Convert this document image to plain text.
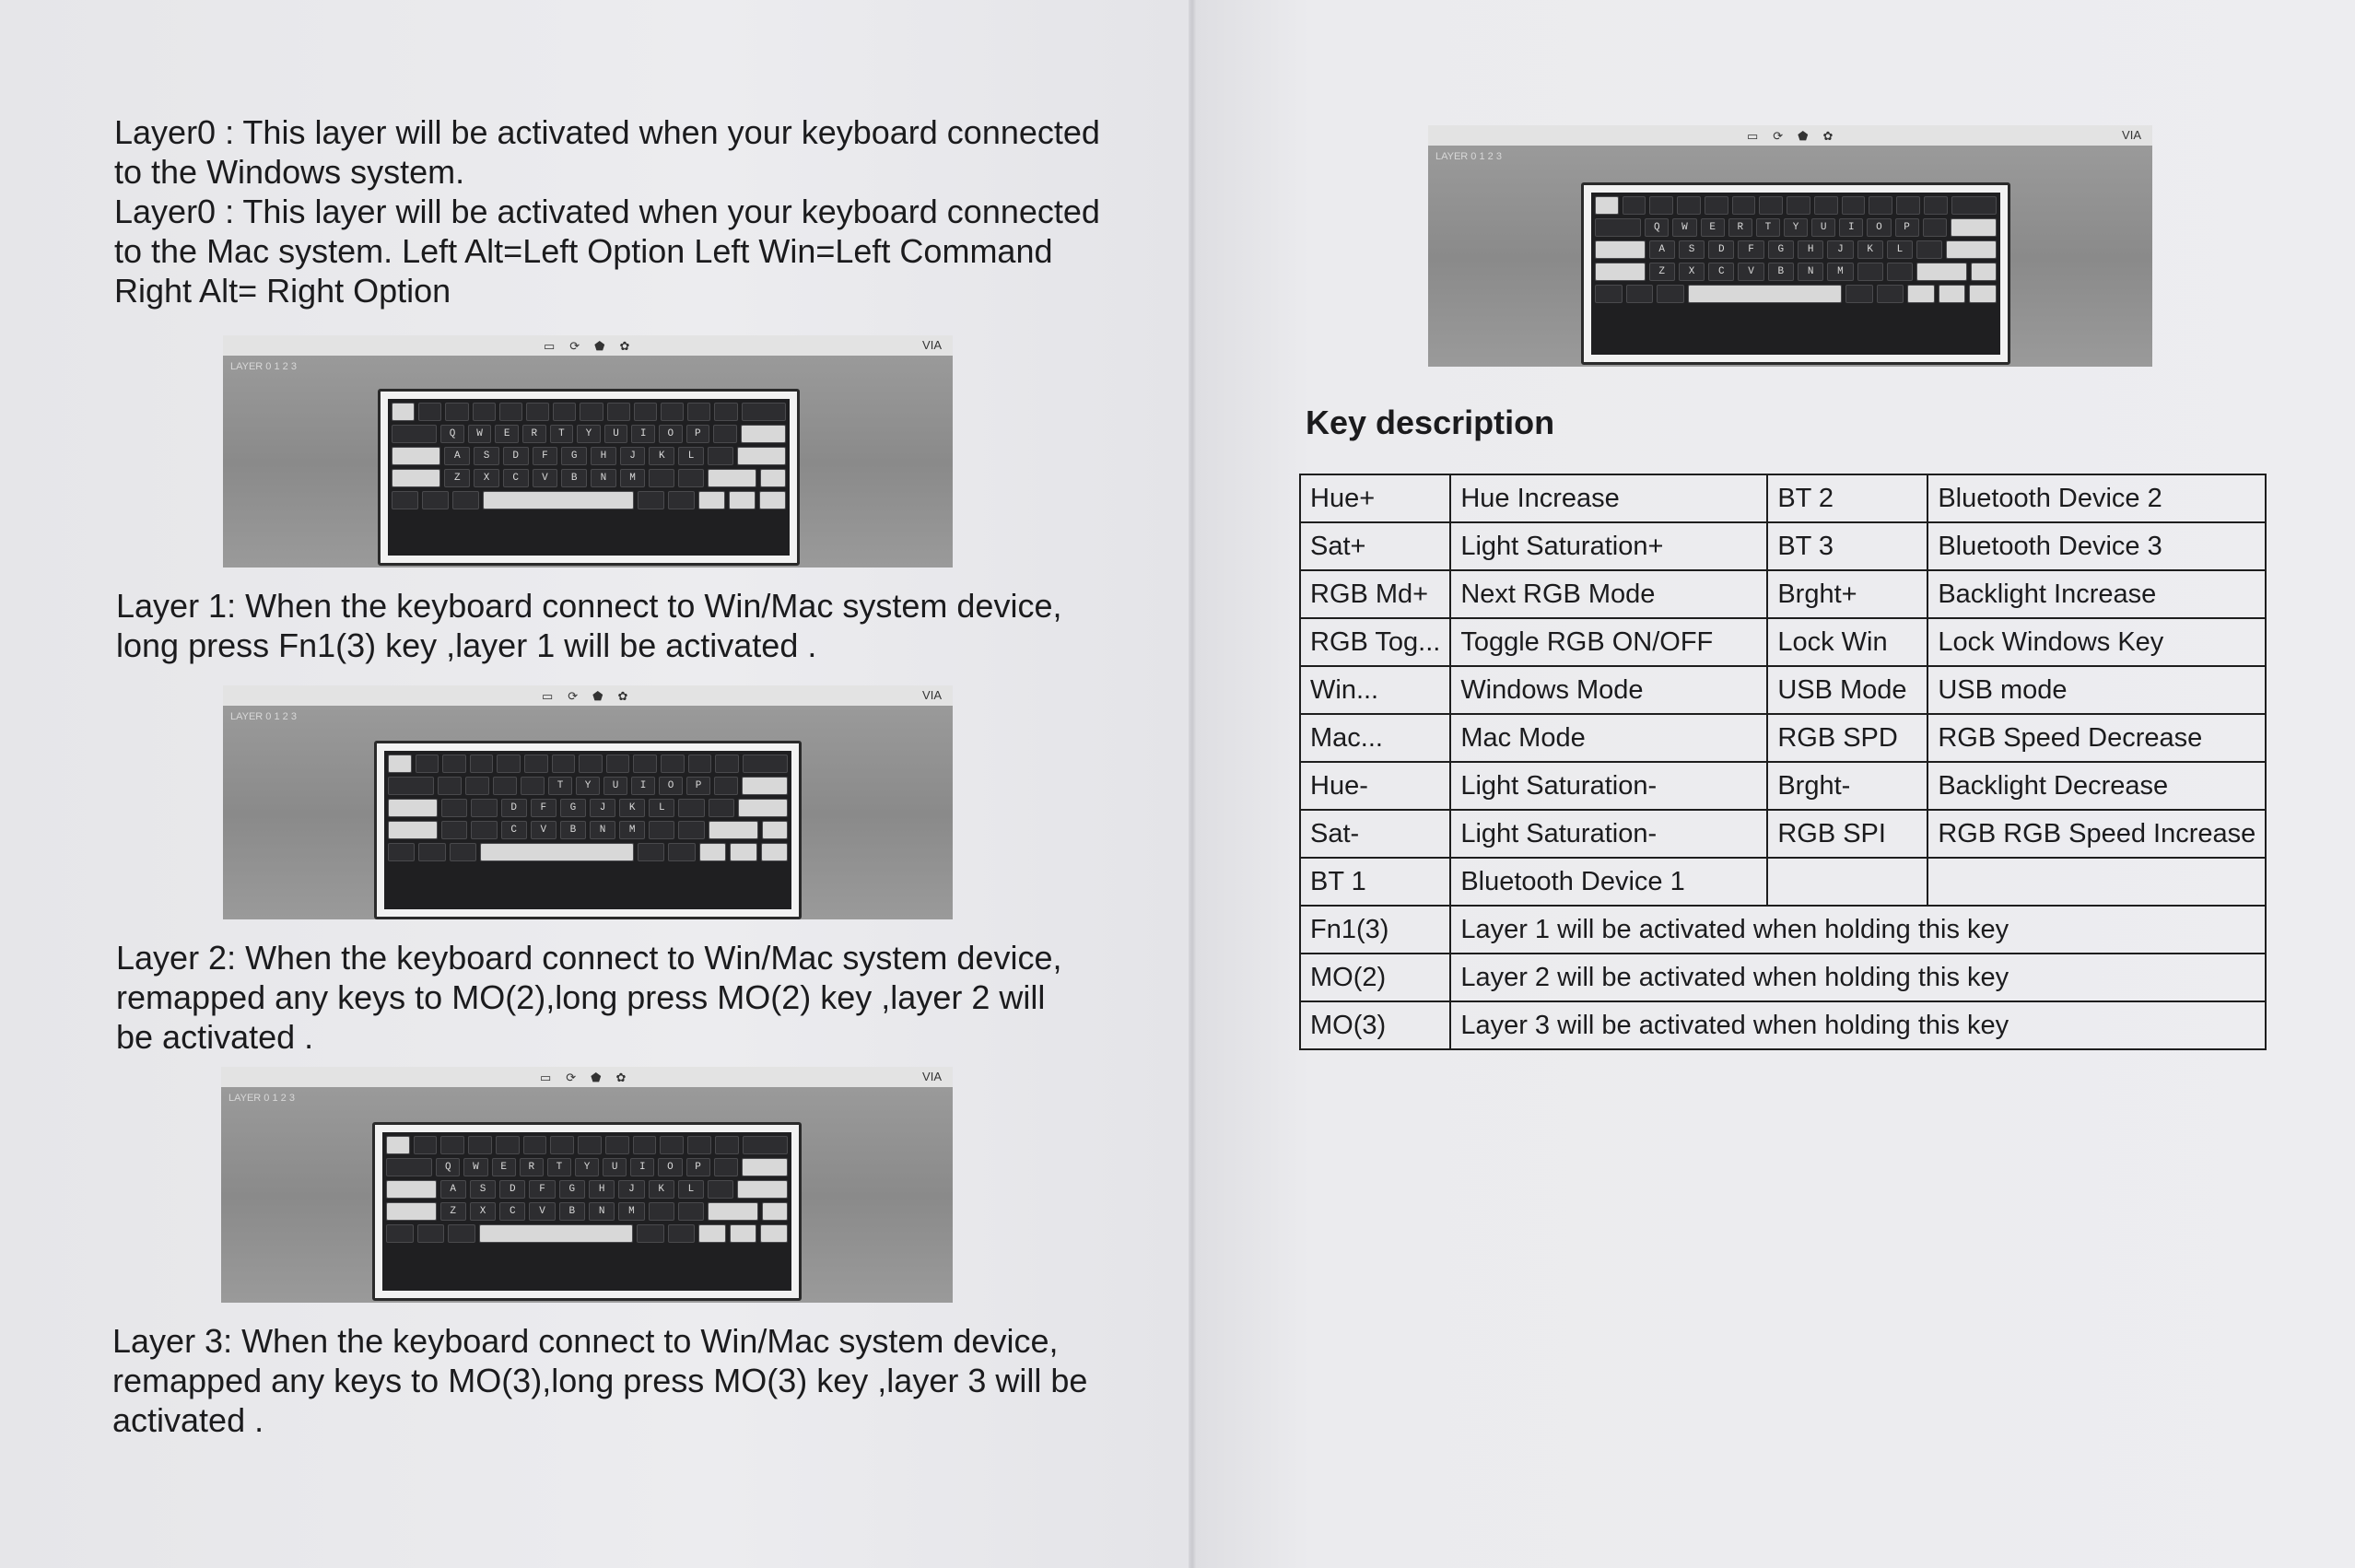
Layer0 : This layer will be activated when your keyboard connected
to the Windows system.
Layer0 : This layer will be activated when your keyboard connected
to the Mac system. Left Alt=Left Option Left Win=Left Command
Right Alt= Right Option

▭⟳⬟✿	VIA
LAYER 0 1 2 3
Q	W	E	R	T	Y	U	I	O	P
A	S	D	F	G	H	J	K	L
Z	X	C	V	B	N	M

Layer 1: When the keyboard connect to Win/Mac system device,
long press Fn1(3) key ,layer 1 will be activated .

▭⟳⬟✿	VIA
LAYER 0 1 2 3
T	Y	U	I	O	P
D	F	G	J	K	L
C	V	B	N	M

Layer 2: When the keyboard connect to Win/Mac system device,
remapped any keys to MO(2),long press MO(2) key ,layer 2 will
be activated .

▭⟳⬟✿	VIA
LAYER 0 1 2 3
Q	W	E	R	T	Y	U	I	O	P
A	S	D	F	G	H	J	K	L
Z	X	C	V	B	N	M

Layer 3: When the keyboard connect to Win/Mac system device,
remapped any keys to MO(3),long press MO(3) key ,layer 3 will be
activated .

▭⟳⬟✿	VIA
LAYER 0 1 2 3
Q	W	E	R	T	Y	U	I	O	P
A	S	D	F	G	H	J	K	L
Z	X	C	V	B	N	M
Key description
Hue+	Hue Increase	BT 2	Bluetooth Device 2
Sat+	Light Saturation+	BT 3	Bluetooth Device 3
RGB Md+	Next RGB Mode	Brght+	Backlight Increase
RGB Tog...	Toggle RGB ON/OFF	Lock Win	Lock Windows Key
Win...	Windows Mode	USB Mode	USB mode
Mac...	Mac Mode	RGB SPD	RGB Speed Decrease
Hue-	Light Saturation-	Brght-	Backlight Decrease
Sat-	Light Saturation-	RGB SPI	RGB RGB Speed Increase
BT 1	Bluetooth Device 1		
Fn1(3)	Layer 1 will be activated when holding this key		
MO(2)	Layer 2 will be activated when holding this key		
MO(3)	Layer 3 will be activated when holding this key		
